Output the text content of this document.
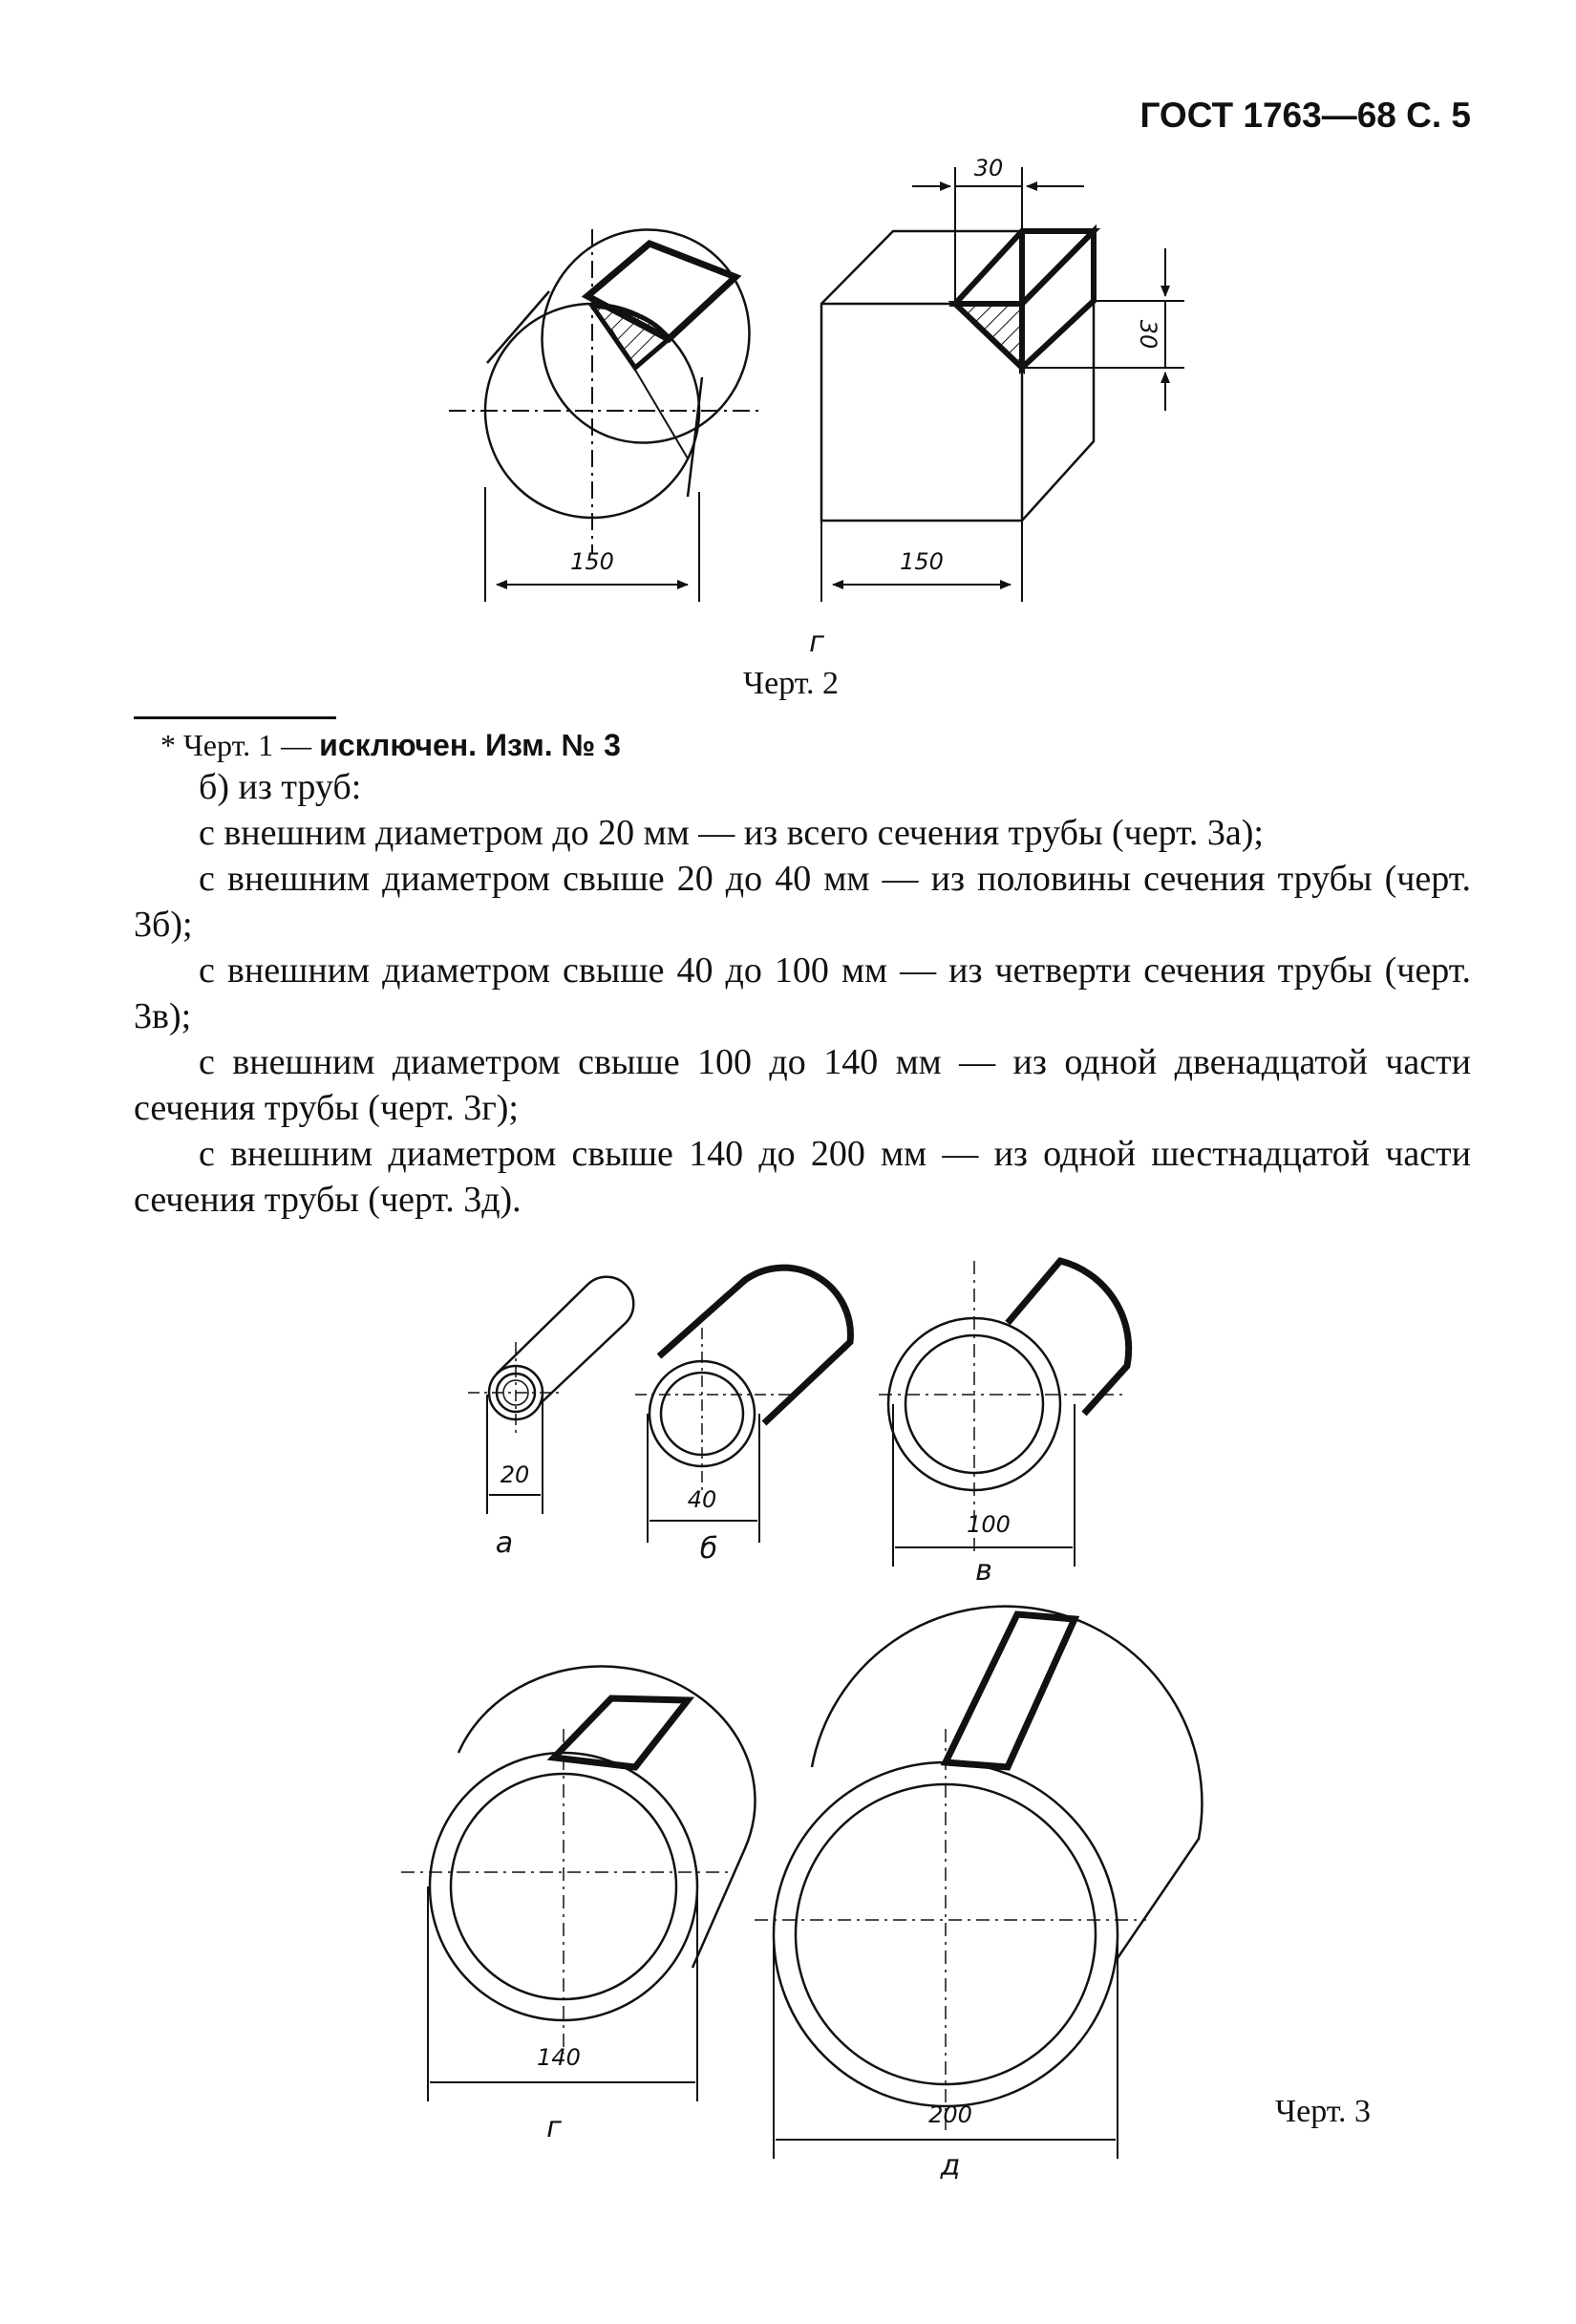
ГОСТ 1763—68 С. 5
30
30
150	150
г
Черт. 2
* Черт. 1 — исключен. Изм. № 3

б) из труб:

с внешним диаметром до 20 мм — из всего сечения трубы (черт. 3а);

с внешним диаметром свыше 20 до 40 мм — из половины сечения трубы (черт. 3б);

с внешним диаметром свыше 40 до 100 мм — из четверти сечения трубы (черт. 3в);

с внешним диаметром свыше 100 до 140 мм — из одной двенадцатой части сечения трубы (черт. 3г);

с внешним диаметром свыше 140 до 200 мм — из одной шестнадцатой части сечения трубы (черт. 3д).

20
а
40
б
100
в
140
г	200
д
Черт. 3
